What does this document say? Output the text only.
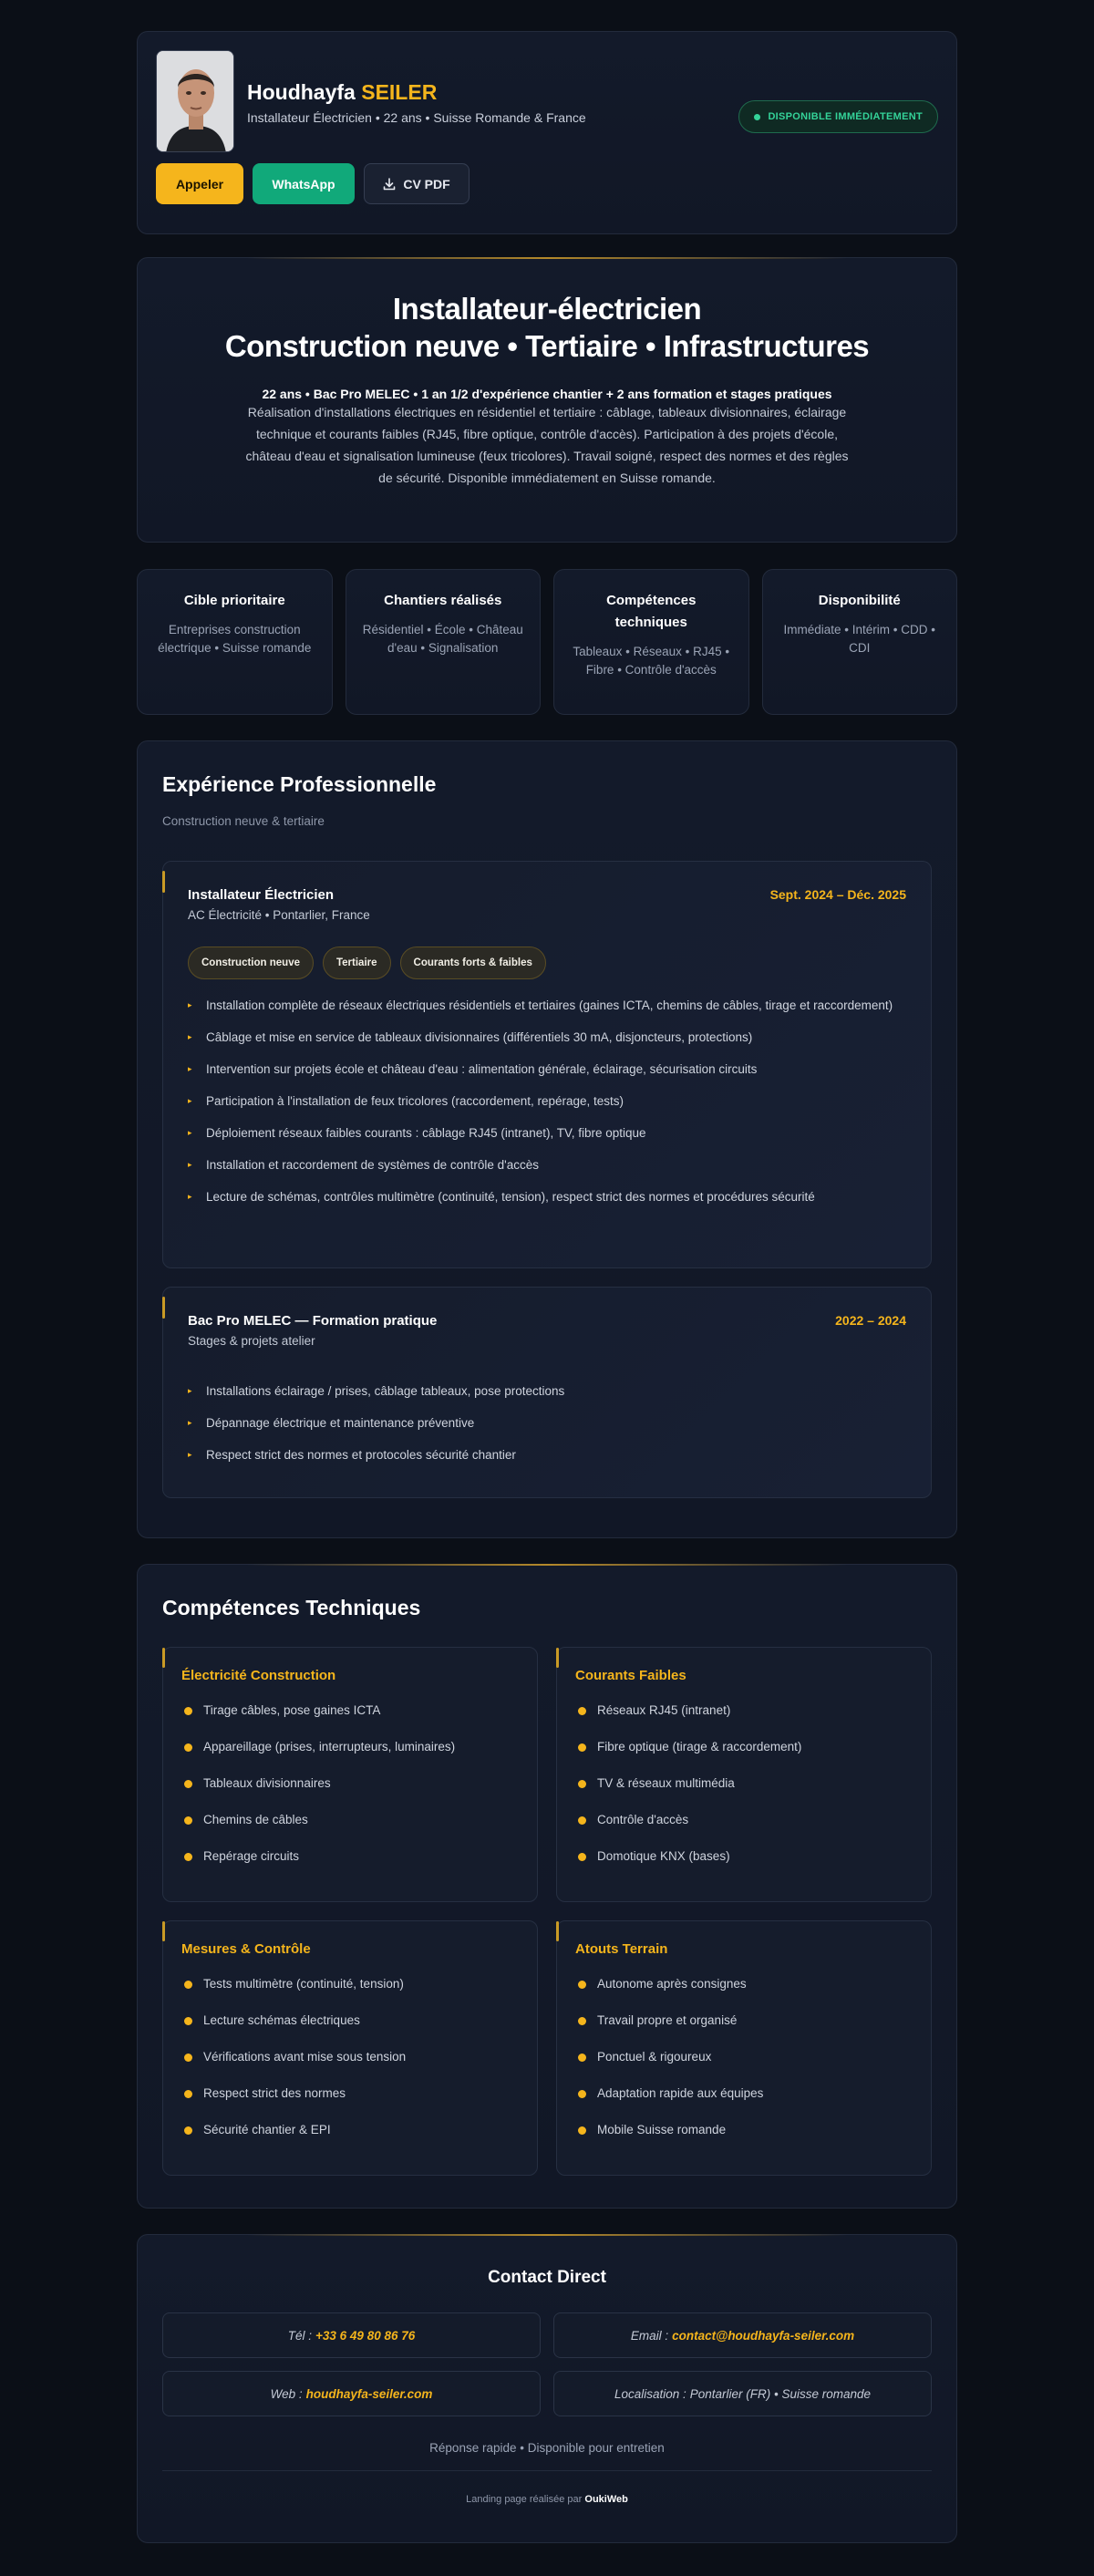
Houdhayfa SEILER
Installateur Électricien • 22 ans • Suisse Romande & France	DISPONIBLE IMMÉDIATEMENT
Appeler	WhatsApp	CV PDF
Installateur-électricien
Construction neuve • Tertiaire • Infrastructures
22 ans • Bac Pro MELEC • 1 an 1/2 d'expérience chantier + 2 ans formation et stages pratiques

Réalisation d'installations électriques en résidentiel et tertiaire : câblage, tableaux divisionnaires, éclairage technique et courants faibles (RJ45, fibre optique, contrôle d'accès). Participation à des projets d'école, château d'eau et signalisation lumineuse (feux tricolores). Travail soigné, respect des normes et des règles de sécurité. Disponible immédiatement en Suisse romande.

Cible prioritaire

Entreprises construction électrique • Suisse romande

Chantiers réalisés

Résidentiel • École • Château d'eau • Signalisation

Compétences techniques

Tableaux • Réseaux • RJ45 • Fibre • Contrôle d'accès

Disponibilité

Immédiate • Intérim • CDD • CDI

Expérience Professionnelle
Construction neuve & tertiaire
Installateur Électricien	Sept. 2024 – Déc. 2025
AC Électricité • Pontarlier, France
Construction neuve	Tertiaire	Courants forts & faibles
▸ Installation complète de réseaux électriques résidentiels et tertiaires (gaines ICTA, chemins de câbles, tirage et raccordement)
▸ Câblage et mise en service de tableaux divisionnaires (différentiels 30 mA, disjoncteurs, protections)
▸ Intervention sur projets école et château d'eau : alimentation générale, éclairage, sécurisation circuits
▸ Participation à l'installation de feux tricolores (raccordement, repérage, tests)
▸ Déploiement réseaux faibles courants : câblage RJ45 (intranet), TV, fibre optique
▸ Installation et raccordement de systèmes de contrôle d'accès
▸ Lecture de schémas, contrôles multimètre (continuité, tension), respect strict des normes et procédures sécurité
Bac Pro MELEC — Formation pratique	2022 – 2024
Stages & projets atelier
▸ Installations éclairage / prises, câblage tableaux, pose protections
▸ Dépannage électrique et maintenance préventive
▸ Respect strict des normes et protocoles sécurité chantier
Compétences Techniques
Électricité Construction
Tirage câbles, pose gaines ICTA
Appareillage (prises, interrupteurs, luminaires)
Tableaux divisionnaires
Chemins de câbles
Repérage circuits
Courants Faibles
Réseaux RJ45 (intranet)
Fibre optique (tirage & raccordement)
TV & réseaux multimédia
Contrôle d'accès
Domotique KNX (bases)
Mesures & Contrôle
Tests multimètre (continuité, tension)
Lecture schémas électriques
Vérifications avant mise sous tension
Respect strict des normes
Sécurité chantier & EPI
Atouts Terrain
Autonome après consignes
Travail propre et organisé
Ponctuel & rigoureux
Adaptation rapide aux équipes
Mobile Suisse romande
Contact Direct
Tél : +33 6 49 80 86 76	Email : contact@houdhayfa-seiler.com
Web : houdhayfa-seiler.com	Localisation : Pontarlier (FR) • Suisse romande
Réponse rapide • Disponible pour entretien
Landing page réalisée par OukiWeb
